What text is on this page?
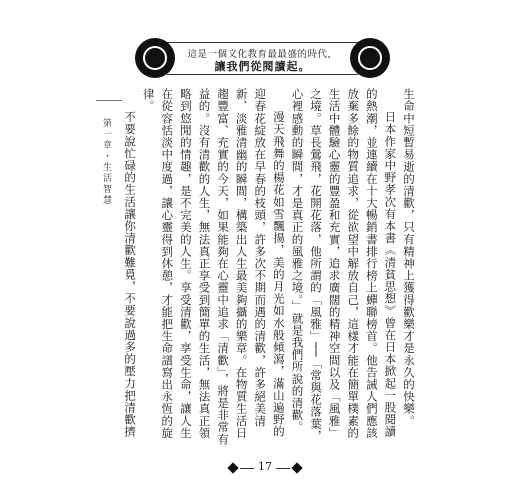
這是一個文化教育最最盛的時代，
讓我們從閱讀起。

生命中短暫易逝的清歡，只有精神上獲得歡樂才是永久的快樂。

日本作家中野孝次有本書《清貧思想》曾在日本掀起一股閱讀的熱潮，並連續在十大暢銷書排行榜上蟬聯榜首。他告誡人們應該放棄多餘的物質追求，從欲望中解放自己，這樣才能在簡單樸素的生活中體驗心靈的豐盈和充實，追求廣闊的精神空間以及「風雅」之境。草長鶯飛，花開花落，他所謂的「風雅」──「常與花落葉，心裡感動的瞬間，才是真正的風雅之境。」就是我們所說的清歡。

漫天飛舞的楊花如雪飄揚，美的月光如水般傾瀉，滿山遍野的迎春花綻放在早春的枝頭，許多次不期而遇的清歡，許多絕美清新、淡雅清幽的瞬間，構築出人生最美夠攝的樂章。在物質生活日趨豐富、充實的今天，如果能夠在心靈中追求「清歡」，將是非常有益的。沒有清歡的人生，無法真正享受到簡單的生活，無法真正領略到悠閒的情趣，是不完美的人生。享受清歡，享受生命，讓人生在從容恬淡中度過，讓心靈得到休憩，才能把生命譜寫出永恆的旋律。

不要說忙碌的生活讓你清歡難覓，不要說過多的壓力把清歡擠

第一章・生活智慧
17
